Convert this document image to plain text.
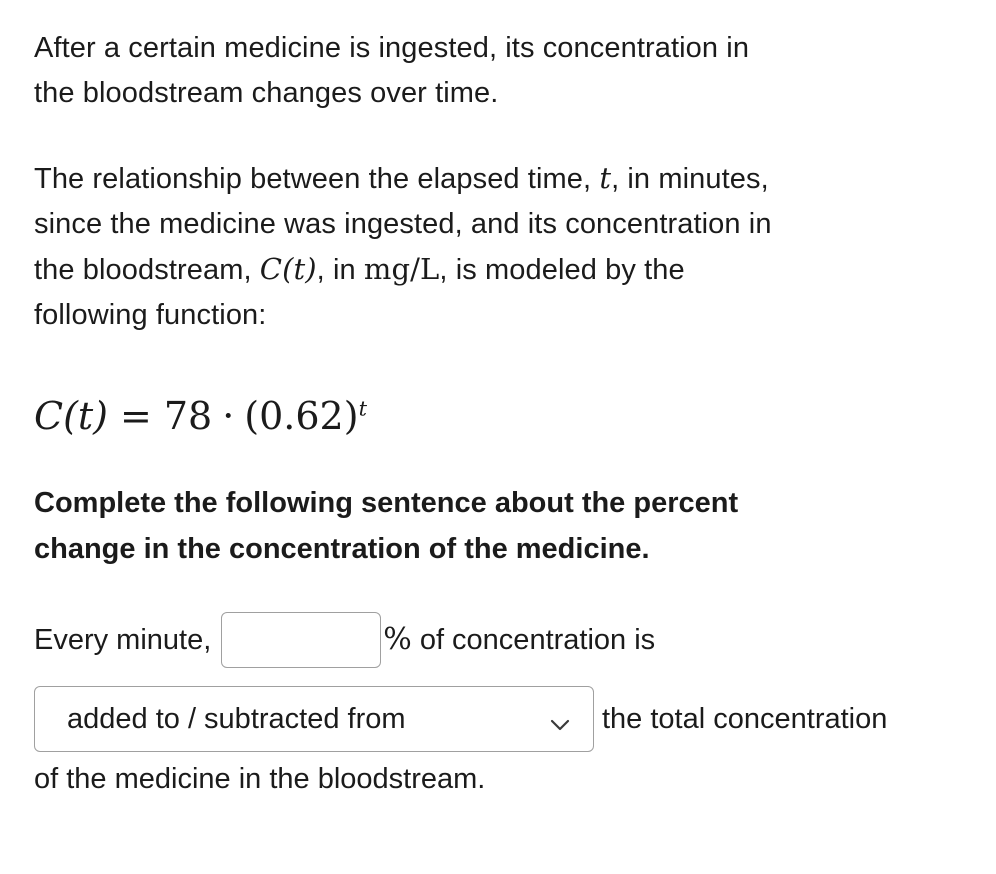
After a certain medicine is ingested, its concentration in
the bloodstream changes over time.

The relationship between the elapsed time, t, in minutes,
since the medicine was ingested, and its concentration in
the bloodstream, C(t), in mg/L, is modeled by the
following function:

$C(t) = 78 \cdot (0.62)^t$
Complete the following sentence about the percent
change in the concentration of the medicine.
Every minute,	% of concentration is
added to / subtracted from	the total concentration
of the medicine in the bloodstream.
